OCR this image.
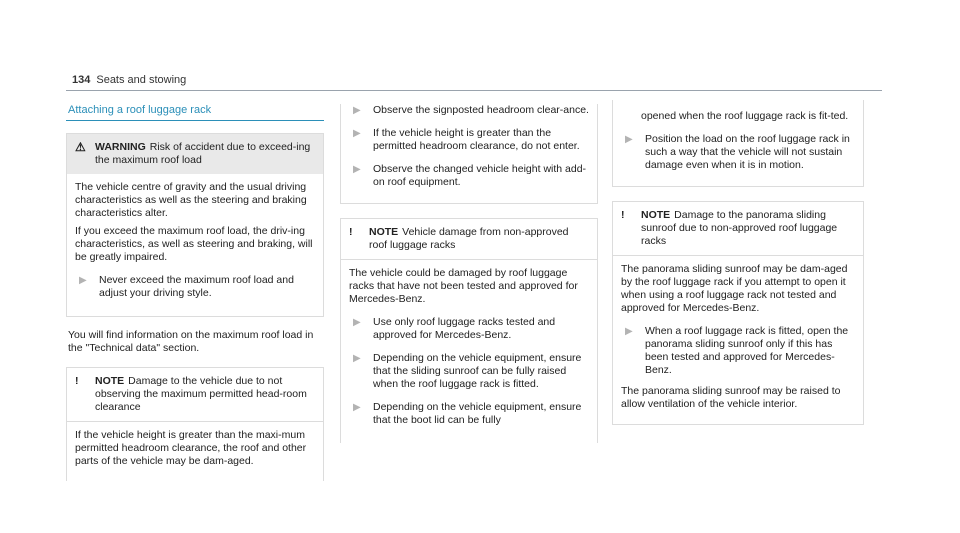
134 Seats and stowing
Attaching a roof luggage rack
⚠ WARNING Risk of accident due to exceed-ing the maximum roof load

The vehicle centre of gravity and the usual driving characteristics as well as the steering and braking characteristics alter.

If you exceed the maximum roof load, the driv-ing characteristics, as well as steering and braking, will be greatly impaired.

▶	Never exceed the maximum roof load and adjust your driving style.

You will find information on the maximum roof load in the "Technical data" section.

!	NOTE Damage to the vehicle due to not observing the maximum permitted head-room clearance

If the vehicle height is greater than the maxi-mum permitted headroom clearance, the roof and other parts of the vehicle may be dam-aged.

▶	Observe the signposted headroom clear-ance.
▶	If the vehicle height is greater than the permitted headroom clearance, do not enter.
▶	Observe the changed vehicle height with add-on roof equipment.
!	NOTE Vehicle damage from non-approved roof luggage racks

The vehicle could be damaged by roof luggage racks that have not been tested and approved for Mercedes-Benz.

▶	Use only roof luggage racks tested and approved for Mercedes-Benz.
▶	Depending on the vehicle equipment, ensure that the sliding sunroof can be fully raised when the roof luggage rack is fitted.
▶	Depending on the vehicle equipment, ensure that the boot lid can be fully

opened when the roof luggage rack is fit-ted.

▶	Position the load on the roof luggage rack in such a way that the vehicle will not sustain damage even when it is in motion.
!	NOTE Damage to the panorama sliding sunroof due to non-approved roof luggage racks

The panorama sliding sunroof may be dam-aged by the roof luggage rack if you attempt to open it when using a roof luggage rack not tested and approved for Mercedes-Benz.

▶	When a roof luggage rack is fitted, open the panorama sliding sunroof only if this has been tested and approved for Mercedes-Benz.

The panorama sliding sunroof may be raised to allow ventilation of the vehicle interior.
